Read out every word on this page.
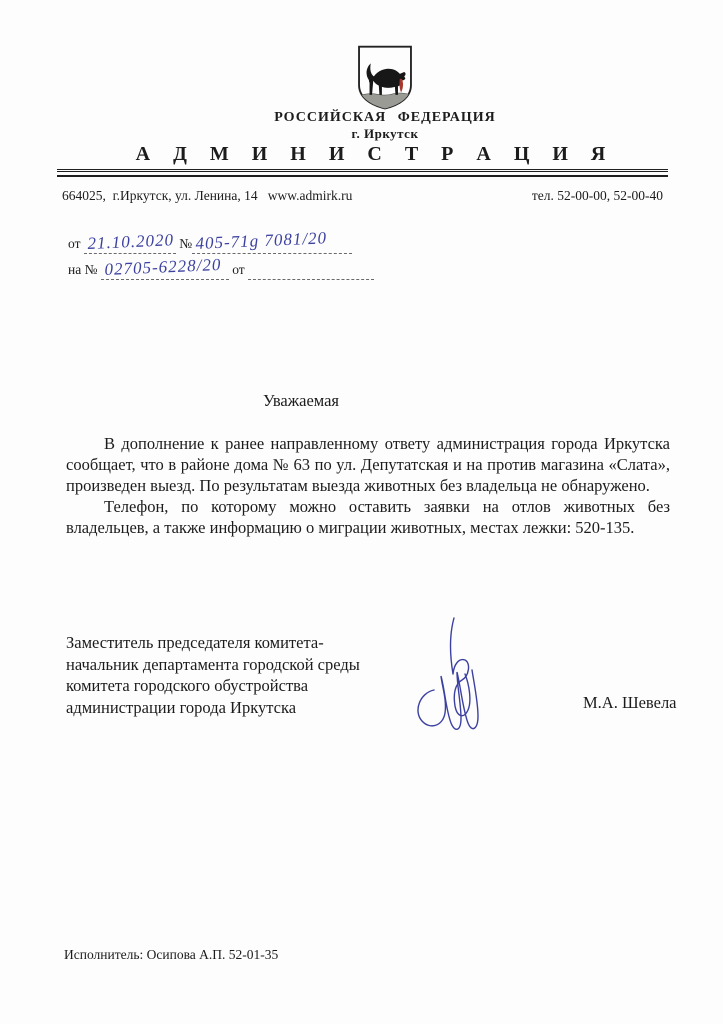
РОССИЙСКАЯ ФЕДЕРАЦИЯ
г. Иркутск
А Д М И Н И С Т Р А Ц И Я
664025,  г.Иркутск, ул. Ленина, 14   www.admirk.ru	тел. 52-00-00, 52-00-40
от 21.10.2020 № 405-71g 7081/20
на № 02705-6228/20 от
Уважаемая

В дополнение к ранее направленному ответу администрация города Иркутска сообщает, что в районе дома № 63 по ул. Депутатская и на против магазина «Слата», произведен выезд. По результатам выезда животных без владельца не обнаружено.

Телефон, по которому можно оставить заявки на отлов животных без владельцев, а также информацию о миграции животных, местах лежки: 520-135.

Заместитель председателя комитета-
начальник департамента городской среды
комитета городского обустройства
администрации города Иркутска	М.А. Шевела
Исполнитель: Осипова А.П. 52-01-35
